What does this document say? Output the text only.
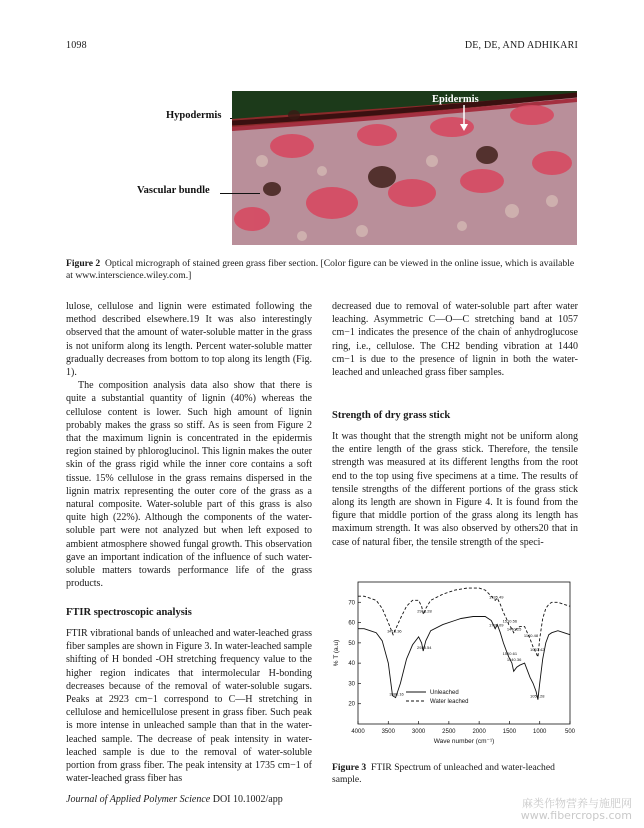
1098	DE, DE, AND ADHIKARI
Hypodermis
Vascular bundle
Epidermis
Figure 2 Optical micrograph of stained green grass fiber section. [Color figure can be viewed in the online issue, which is available at www.interscience.wiley.com.]

lulose, cellulose and lignin were estimated following the method described elsewhere.19 It was also interestingly observed that the amount of water-soluble matter in the grass is not uniform along its length. Percent water-soluble matter gradually decreases from bottom to top along its length (Fig. 1).

The composition analysis data also show that there is quite a substantial quantity of lignin (40%) whereas the cellulose content is lower. Such high amount of lignin probably makes the grass so stiff. As is seen from Figure 2 that the maximum lignin is concentrated in the epidermis region stained by phloroglucinol. This lignin makes the outer skin of the grass rigid while the inner core contains a soft tissue. 15% cellulose in the grass remains dispersed in the lignin matrix representing the outer core of the grass as a natural composite. Water-soluble part of this grass is also quite high (22%). Although the components of the water-soluble part were not analyzed but when left exposed to ambient atmosphere showed fungal growth. This observation gave an important indication of the influence of such water-soluble matters towards performance life of the grass products.

FTIR spectroscopic analysis

FTIR vibrational bands of unleached and water-leached grass fiber samples are shown in Figure 3. In water-leached sample shifting of H bonded -OH stretching frequency value to the higher region indicates that intermolecular H-bonding decreases because of the removal of water-soluble sugars. Peaks at 2923 cm−1 correspond to C—H stretching in cellulose and hemicellulose present in grass fiber. Such peak is more intense in unleached sample than that in the water-leached sample. The decrease of peak intensity in water-leached sample is due to the removal of water-soluble portion from grass fiber. The peak intensity at 1735 cm−1 of water-leached grass fiber has

decreased due to removal of water-soluble part after water leaching. Asymmetric C—O—C stretching band at 1057 cm−1 indicates the presence of the chain of anhydroglucose ring, i.e., cellulose. The CH2 bending vibration at 1440 cm−1 is due to the presence of lignin in both the water-leached and unleached grass fiber samples.

Strength of dry grass stick

It was thought that the strength might not be uniform along the entire length of the grass stick. Therefore, the tensile strength was measured at its different lengths from the root end to the top using five specimens at a time. The results of tensile strengths of the different portions of the grass stick along its length are shown in Figure 4. It is found from the figure that middle portion of the grass along its length has maximum strength. It was also observed by others20 that in case of natural fiber, the tensile strength of the speci-

4000	3500	3000	2500	2000	1500	1000	500
20
30
40
50
60
70
Wave number (cm⁻¹)
% T (a.u)
3415.36
3380.16
2923.54
2918.28
1735.49
1735.09
1510.56
1510.61
1440.25
1440.36
1160.48
1057.42
1057.28
Unleached
Water leached
Figure 3 FTIR Spectrum of unleached and water-leached sample.
Journal of Applied Polymer Science DOI 10.1002/app	麻类作物营养与施肥网
www.fibercrops.com
